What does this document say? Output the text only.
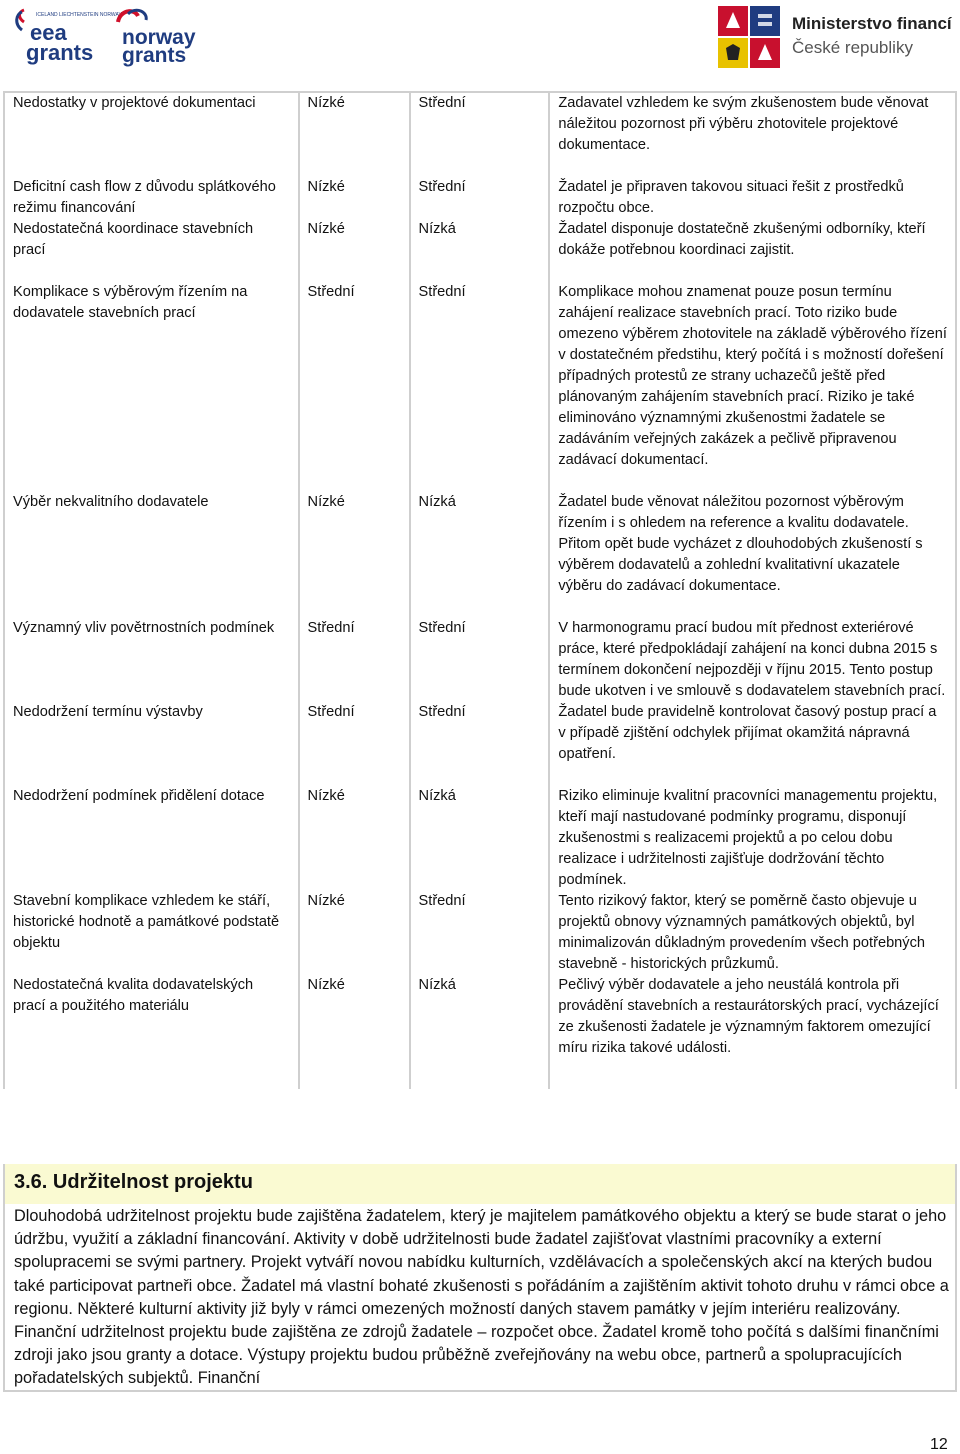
ICELAND LIECHTENSTEIN NORWAY
eea
grants
norway
grants
Ministerstvo financí
České republiky
Nedostatky v projektové dokumentaci	Nízké	Střední	Zadavatel vzhledem ke svým zkušenostem bude věnovat náležitou pozornost při výběru zhotovitele projektové dokumentace.

Deficitní cash flow z důvodu splátkového režimu financování	Nízké	Střední	Žadatel je připraven takovou situaci řešit z prostředků rozpočtu obce.
Nedostatečná koordinace stavebních prací	Nízké	Nízká	Žadatel disponuje dostatečně zkušenými odborníky, kteří dokáže potřebnou koordinaci zajistit.

Komplikace s výběrovým řízením na dodavatele stavebních prací	Střední	Střední	Komplikace mohou znamenat pouze posun termínu zahájení realizace stavebních prací. Toto riziko bude omezeno výběrem zhotovitele na základě výběrového řízení v dostatečném předstihu, který počítá i s možností dořešení případných protestů ze strany uchazečů ještě před plánovaným zahájením stavebních prací. Riziko je také eliminováno významnými zkušenostmi žadatele se zadáváním veřejných zakázek a pečlivě připravenou zadávací dokumentací.

Výběr nekvalitního dodavatele	Nízké	Nízká	Žadatel bude věnovat náležitou pozornost výběrovým řízením i s ohledem na reference a kvalitu dodavatele. Přitom opět bude vycházet z dlouhodobých zkušeností s výběrem dodavatelů a zohlední kvalitativní ukazatele výběru do zadávací dokumentace.

Významný vliv povětrnostních podmínek	Střední	Střední	V harmonogramu prací budou mít přednost exteriérové práce, které předpokládají zahájení na konci dubna 2015 s termínem dokončení nejpozději v říjnu 2015. Tento postup bude ukotven i ve smlouvě s dodavatelem stavebních prací.
Nedodržení termínu výstavby	Střední	Střední	Žadatel bude pravidelně kontrolovat časový postup prací a v případě zjištění odchylek přijímat okamžitá nápravná opatření.

Nedodržení podmínek přidělení dotace	Nízké	Nízká	Riziko eliminuje kvalitní pracovníci managementu projektu, kteří mají nastudované podmínky programu, disponují zkušenostmi s realizacemi projektů a po celou dobu realizace i udržitelnosti zajišťuje dodržování těchto podmínek.
Stavební komplikace vzhledem ke stáří, historické hodnotě a památkové podstatě objektu	Nízké	Střední	Tento rizikový faktor, který se poměrně často objevuje u projektů obnovy významných památkových objektů, byl minimalizován důkladným provedením všech potřebných stavebně - historických průzkumů.
Nedostatečná kvalita dodavatelských prací a použitého materiálu	Nízké	Nízká	Pečlivý výběr dodavatele a jeho neustálá kontrola při provádění stavebních a restaurátorských prací, vycházející ze zkušenosti žadatele je významným faktorem omezující míru rizika takové události.

3.6. Udržitelnost projektu
Dlouhodobá udržitelnost projektu bude zajištěna žadatelem, který je majitelem památkového objektu a který se bude starat o jeho údržbu, využití a základní financování. Aktivity v době udržitelnosti bude žadatel zajišťovat vlastními pracovníky a externí spolupracemi se svými partnery. Projekt vytváří novou nabídku kulturních, vzdělávacích a společenských akcí na kterých budou také participovat partneři obce. Žadatel má vlastní bohaté zkušenosti s pořádáním a zajištěním aktivit tohoto druhu v rámci obce a regionu. Některé kulturní aktivity již byly v rámci omezených možností daných stavem památky v jejím interiéru realizovány. Finanční udržitelnost projektu bude zajištěna ze zdrojů žadatele – rozpočet obce. Žadatel kromě toho počítá s dalšími finančními zdroji jako jsou granty a dotace. Výstupy projektu budou průběžně zveřejňovány na webu obce, partnerů a spolupracujících pořadatelských subjektů. Finanční
12
